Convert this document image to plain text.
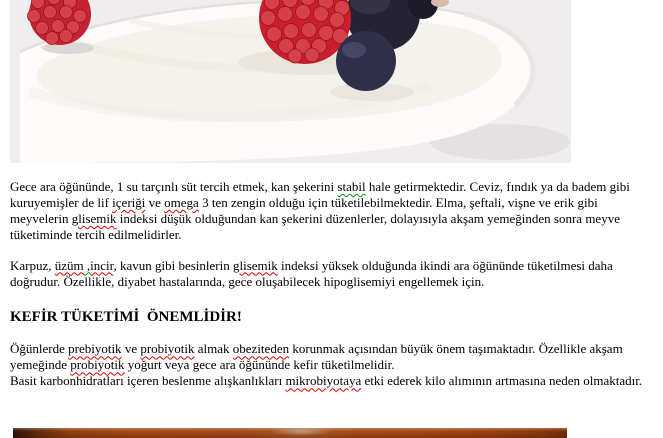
Gece ara öğününde, 1 su tarçınlı süt tercih etmek, kan şekerini stabil hale getirmektedir. Ceviz, fındık ya da badem gibi kuruyemişler de lif içeriği ve omega 3 ten zengin olduğu için tüketilebilmektedir. Elma, şeftali, vişne ve erik gibi meyvelerin glisemik indeksi düşük olduğundan kan şekerini düzenlerler, dolayısıyla akşam yemeğinden sonra meyve tüketiminde tercih edilmelidirler.

Karpuz, üzüm ,incir, kavun gibi besinlerin glisemik indeksi yüksek olduğunda ikindi ara öğününde tüketilmesi daha doğrudur. Özellikle, diyabet hastalarında, gece oluşabilecek hipoglisemiyi engellemek için.

KEFİR TÜKETİMİ  ÖNEMLİDİR!

Öğünlerde prebiyotik ve probiyotik almak obeziteden korunmak açısından büyük önem taşımaktadır. Özellikle akşam yemeğinde probiyotik yoğurt veya gece ara öğününde kefir tüketilmelidir.
Basit karbonhidratları içeren beslenme alışkanlıkları mikrobiyotaya etki ederek kilo alımının artmasına neden olmaktadır.
